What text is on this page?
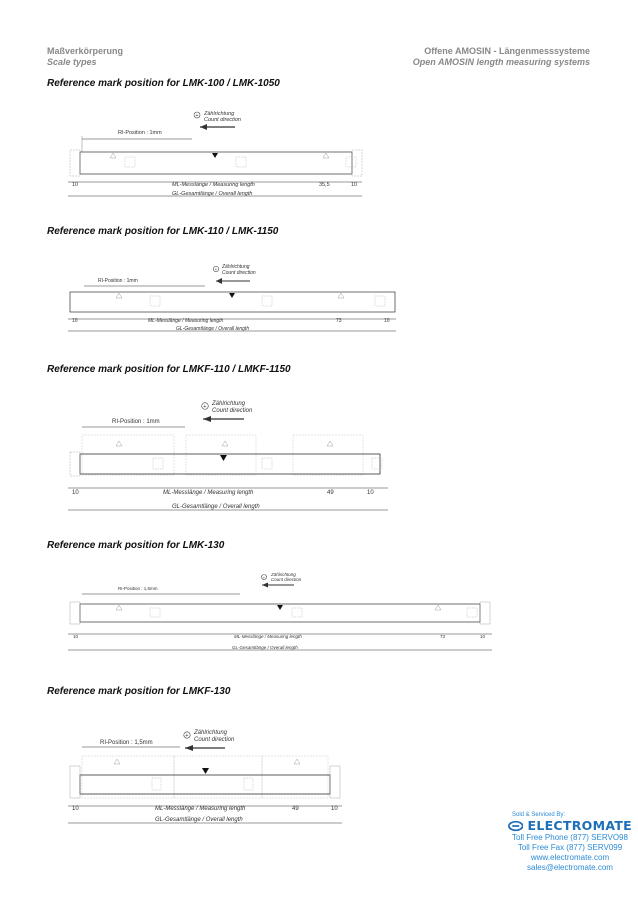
Maßverkörperung
Scale types
Offene AMOSIN - Längenmesssysteme
Open AMOSIN length measuring systems
Reference mark position for LMK-100 / LMK-1050
+ Zählrichtung
Count direction
RI-Position : 1mm
10	ML-Messlänge / Measuring length	35,5	10
GL-Gesamtlänge / Overall length
Reference mark position for LMK-110 / LMK-1150
+ Zählrichtung
Count direction
RI-Position : 1mm
10	ML-Messlänge / Measuring length	73	10
GL-Gesamtlänge / Overall length
Reference mark position for LMKF-110 / LMKF-1150
+ Zählrichtung
Count direction
RI-Position : 1mm
10	ML-Messlänge / Measuring length	49	10
GL-Gesamtlänge / Overall length
Reference mark position for LMK-130
+
Zählrichtung
Count direction
RI-Position : 1,5mm
10	ML-Messlänge / Measuring length	73	10
GL-Gesamtlänge / Overall length
Reference mark position for LMKF-130
+ Zählrichtung
Count direction
RI-Position : 1,5mm
10	ML-Messlänge / Measuring length	49	10
GL-Gesamtlänge / Overall length
Sold & Serviced By:
ELECTROMATE
Toll Free Phone (877) SERVO98
Toll Free Fax (877) SERV099
www.electromate.com
sales@electromate.com
